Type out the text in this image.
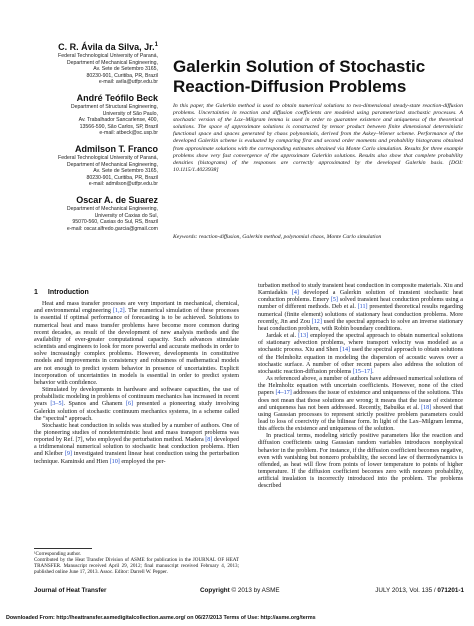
C. R. Ávila da Silva, Jr.$^1$
Federal Technological University of Paraná,
Department of Mechanical Engineering,
Av. Sete de Setembro 3165,
80230-901, Curitiba, PR, Brazil
e-mail: avila@utfpr.edu.br
André Teófilo Beck
Department of Structural Engineering,
University of São Paulo,
Av. Trabalhador Sancarlense, 400,
13566-590, São Carlos, SP, Brazil
e-mail: atbeck@sc.usp.br
Admilson T. Franco
Federal Technological University of Paraná,
Department of Mechanical Engineering,
Av. Sete de Setembro 3165,
80230-901, Curitiba, PR, Brazil
e-mail: admilson@utfpr.edu.br
Oscar A. de Suarez
Department of Mechanical Engineering,
University of Caxias do Sul,
95070-560, Caxias do Sul, RS, Brazil
e-mail: oscar.alfredo.garcia@gmail.com
Galerkin Solution of Stochastic
Reaction-Diffusion Problems
In this paper, the Galerkin method is used to obtain numerical solutions to two-dimensional steady-state reaction-diffusion problems. Uncertainties in reaction and diffusion coefficients are modeled using parameterized stochastic processes. A stochastic version of the Lax–Milgram lemma is used in order to guarantee existence and uniqueness of the theoretical solutions. The space of approximate solutions is constructed by tensor product between finite dimensional deterministic functional space and spaces generated by chaos polynomials, derived from the Askey–Wiener scheme. Performance of the developed Galerkin scheme is evaluated by comparing first and second order moments and probability histograms obtained from approximate solutions with the corresponding estimates obtained via Monte Carlo simulation. Results for three example problems show very fast convergence of the approximate Galerkin solutions. Results also show that complete probability densities (histograms) of the responses are correctly approximated by the developed Galerkin basis. [DOI: 10.1115/1.4023938]
Keywords: reaction-diffusion, Galerkin method, polynomial chaos, Monte Carlo simulation
1 Introduction

Heat and mass transfer processes are very important in mechanical, chemical, and environmental engineering [1,2]. The numerical simulation of these processes is essential if optimal performance of forecasting is to be achieved. Solutions to numerical heat and mass transfer problems have become more common during recent decades, as result of the development of new analysis methods and the availability of ever-greater computational capacity. Such advances stimulate scientists and engineers to look for more powerful and accurate methods in order to solve increasingly complex problems. However, developments in constitutive models and improvements in consistency and robustness of mathematical models are not enough to predict system behavior in presence of uncertainties. Explicit incorporation of uncertainties in models is essential in order to predict system behavior with confidence.

Stimulated by developments in hardware and software capacities, the use of probabilistic modeling in problems of continuum mechanics has increased in recent years [3–5]. Spanos and Ghanem [6] presented a pioneering study involving Galerkin solution of stochastic continuum mechanics systems, in a scheme called the “spectral” approach.

Stochastic heat conduction in solids was studied by a number of authors. One of the pioneering studies of nondeterministic heat and mass transport problems was reported by Ref. [7], who employed the perturbation method. Madera [8] developed a tridimensional numerical solution to stochastic heat conduction problems. Hien and Kleiber [9] investigated transient linear heat conduction using the perturbation technique. Kaminski and Hien [10] employed the per-

turbation method to study transient heat conduction in composite materials. Xiu and Karniadakis [4] developed a Galerkin solution of transient stochastic heat conduction problems. Emery [5] solved transient heat conduction problems using a number of different methods. Deb et al. [11] presented theoretical results regarding numerical (finite element) solutions of stationary heat conduction problems. More recently, Jin and Zou [12] used the spectral approach to solve an inverse stationary heat conduction problem, with Robin boundary conditions.

Jardak et al. [13] employed the spectral approach to obtain numerical solutions of stationary advection problems, where transport velocity was modeled as a stochastic process. Xiu and Shen [14] used the spectral approach to obtain solutions of the Helmholtz equation in modeling the dispersion of acoustic waves over a stochastic surface. A number of other recent papers also address the solution of stochastic reaction-diffusion problems [15–17].

As referenced above, a number of authors have addressed numerical solutions of the Helmholtz equation with uncertain coefficients. However, none of the cited papers [4–17] addresses the issue of existence and uniqueness of the solutions. This does not mean that those solutions are wrong; it means that the issue of existence and uniqueness has not been addressed. Recently, Babuška et al. [18] showed that using Gaussian processes to represent strictly positive problem parameters could lead to loss of coercivity of the bilinear form. In light of the Lax–Milgram lemma, this affects the existence and uniqueness of the solution.

In practical terms, modeling strictly positive parameters like the reaction and diffusion coefficients using Gaussian random variables introduces nonphysical behavior in the problem. For instance, if the diffusion coefficient becomes negative, even with vanishing but nonzero probability, the second law of thermodynamics is offended, as heat will flow from points of lower temperature to points of higher temperature. If the diffusion coefficient becomes zero with nonzero probability, artificial insulation is incorrectly introduced into the problem. The problems described

¹Corresponding author.

Contributed by the Heat Transfer Division of ASME for publication in the JOURNAL OF HEAT TRANSFER. Manuscript received April 29, 2012; final manuscript received February 4, 2013; published online June 17, 2013. Assoc. Editor: Darrell W. Pepper.

Journal of Heat Transfer	Copyright © 2013 by ASME	JULY 2013, Vol. 135 / 071201-1
Downloaded From: http://heattransfer.asmedigitalcollection.asme.org/ on 06/27/2013 Terms of Use: http://asme.org/terms
